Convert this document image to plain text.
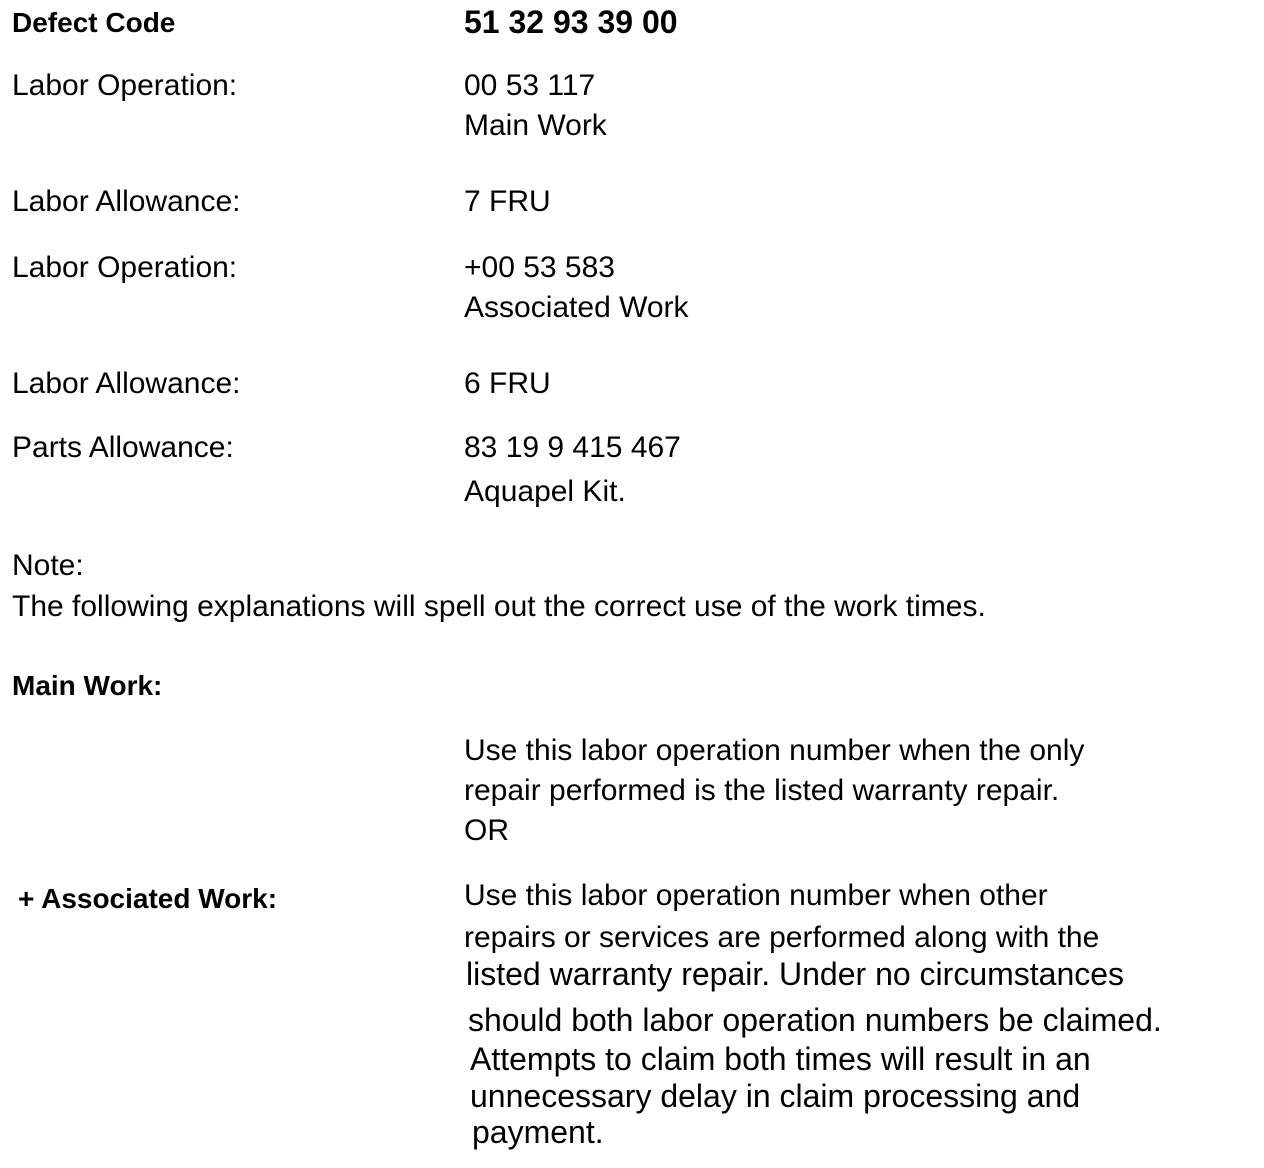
Defect Code	51 32 93 39 00
Labor Operation:	00 53 117
Main Work
Labor Allowance:	7 FRU
Labor Operation:	+00 53 583
Associated Work
Labor Allowance:	6 FRU
Parts Allowance:	83 19 9 415 467
Aquapel Kit.
Note:
The following explanations will spell out the correct use of the work times.
Main Work:
Use this labor operation number when the only
repair performed is the listed warranty repair.
OR
+ Associated Work:	Use this labor operation number when other
repairs or services are performed along with the
listed warranty repair. Under no circumstances
should both labor operation numbers be claimed.
Attempts to claim both times will result in an
unnecessary delay in claim processing and
payment.
